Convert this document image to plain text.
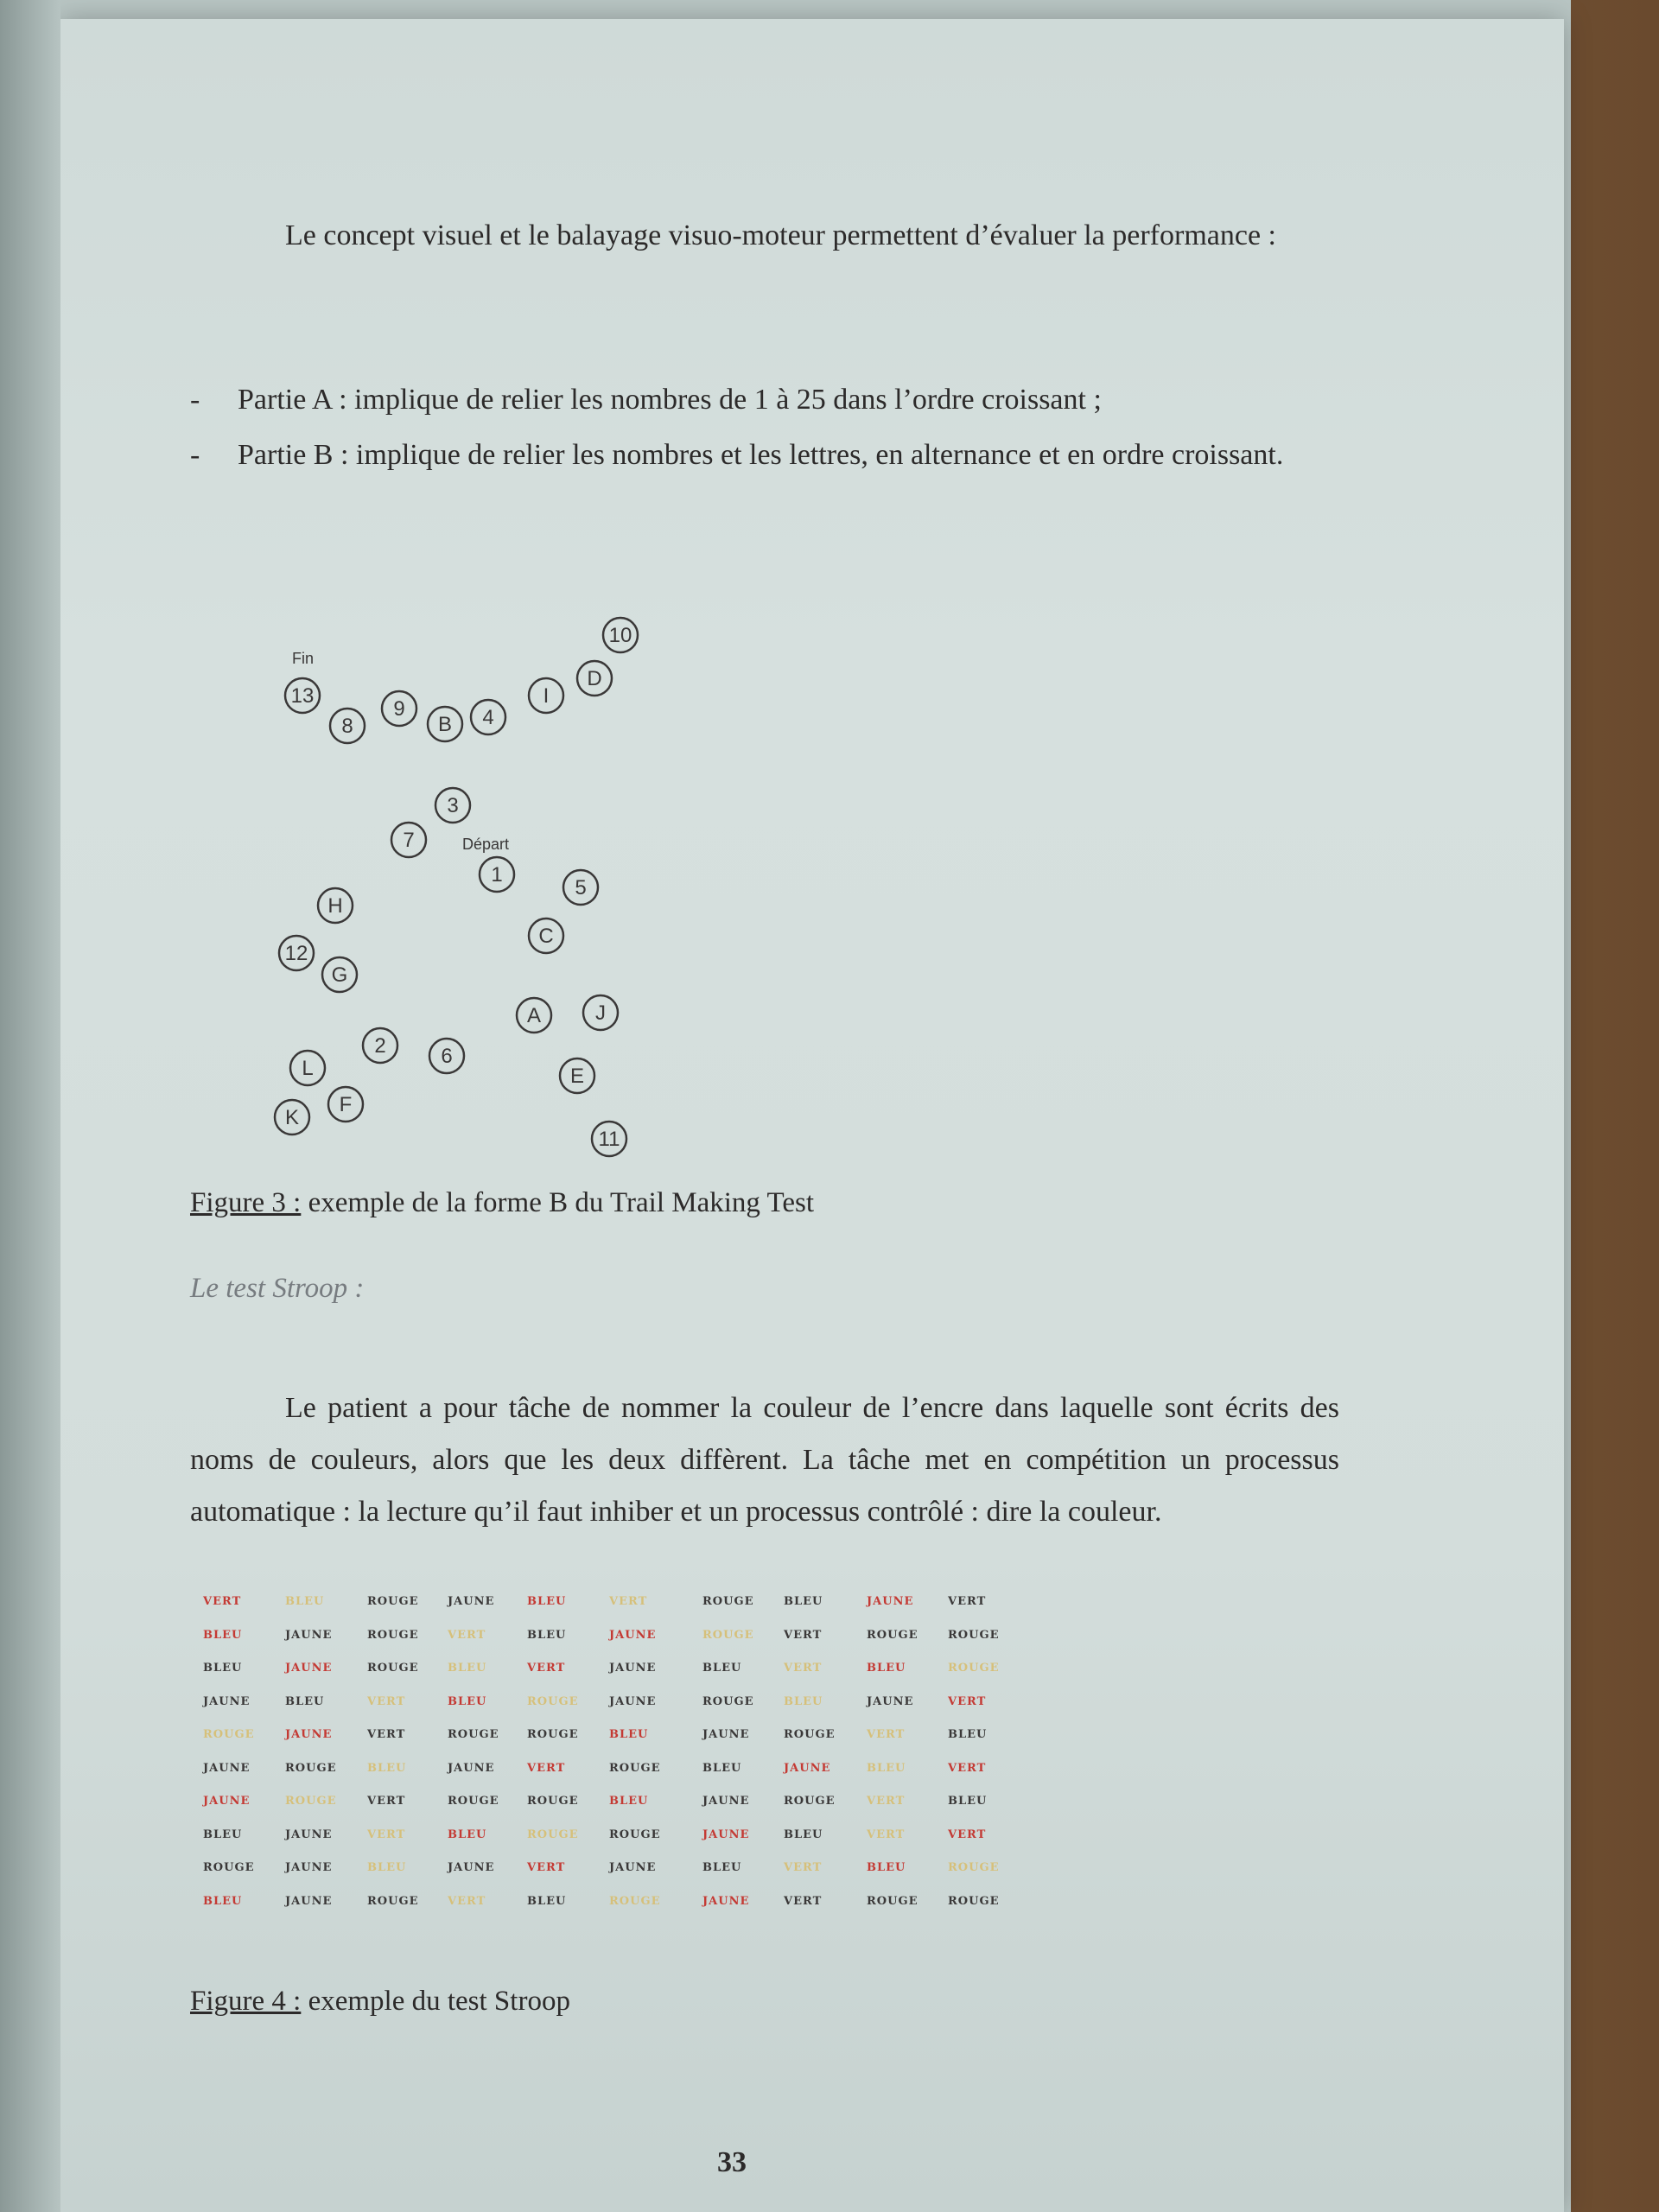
Le concept visuel et le balayage visuo-moteur permettent d’évaluer la performance :
- Partie A : implique de relier les nombres de 1 à 25 dans l’ordre croissant ;
- Partie B : implique de relier les nombres et les lettres, en alternance et en ordre croissant.
10
13
8
9
B 4
I
D
3
7
1
5
H
C
12
G
A	J
2	6
L	E
K
F
11
Fin
Départ
Figure 3 : exemple de la forme B du Trail Making Test
Le test Stroop :
Le patient a pour tâche de nommer la couleur de l’encre dans laquelle sont écrits des noms de couleurs, alors que les deux diffèrent. La tâche met en compétition un processus automatique : la lecture qu’il faut inhiber et un processus contrôlé : dire la couleur.
VERT	BLEU	ROUGE	JAUNE	BLEU	VERT	ROUGE	BLEU	JAUNE	VERT
BLEU	JAUNE	ROUGE	VERT	BLEU	JAUNE	ROUGE	VERT	ROUGE	ROUGE
BLEU	JAUNE	ROUGE	BLEU	VERT	JAUNE	BLEU	VERT	BLEU	ROUGE
JAUNE	BLEU	VERT	BLEU	ROUGE	JAUNE	ROUGE	BLEU	JAUNE	VERT
ROUGE	JAUNE	VERT	ROUGE	ROUGE	BLEU	JAUNE	ROUGE	VERT	BLEU
JAUNE	ROUGE	BLEU	JAUNE	VERT	ROUGE	BLEU	JAUNE	BLEU	VERT
JAUNE	ROUGE	VERT	ROUGE	ROUGE	BLEU	JAUNE	ROUGE	VERT	BLEU
BLEU	JAUNE	VERT	BLEU	ROUGE	ROUGE	JAUNE	BLEU	VERT	VERT
ROUGE	JAUNE	BLEU	JAUNE	VERT	JAUNE	BLEU	VERT	BLEU	ROUGE
BLEU	JAUNE	ROUGE	VERT	BLEU	ROUGE	JAUNE	VERT	ROUGE	ROUGE
Figure 4 : exemple du test Stroop
33
